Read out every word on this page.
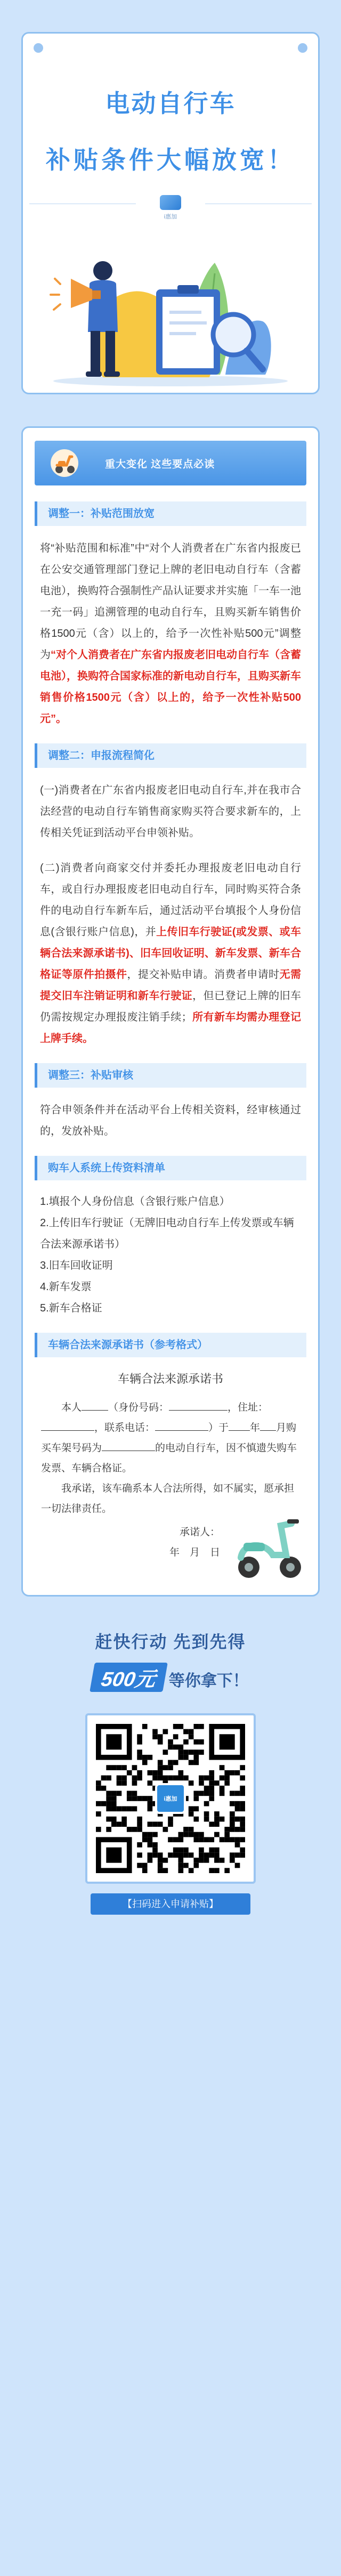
电动自行车
补贴条件大幅放宽！
i惠加
重大变化 这些要点必读
调整一：补贴范围放宽
将“补贴范围和标准”中“对个人消费者在广东省内报废已在公安交通管理部门登记上牌的老旧电动自行车（含蓄电池），换购符合强制性产品认证要求并实施「一车一池一充一码」追溯管理的电动自行车，且购买新车销售价格1500元（含）以上的，给予一次性补贴500元”调整为“对个人消费者在广东省内报废老旧电动自行车（含蓄电池），换购符合国家标准的新电动自行车，且购买新车销售价格1500元（含）以上的，给予一次性补贴500元”。
调整二：申报流程简化
(一)消费者在广东省内报废老旧电动自行车,并在我市合法经营的电动自行车销售商家购买符合要求新车的，上传相关凭证到活动平台申领补贴。
(二)消费者向商家交付并委托办理报废老旧电动自行车，或自行办理报废老旧电动自行车，同时购买符合条件的电动自行车新车后，通过活动平台填报个人身份信息(含银行账户信息)，并上传旧车行驶证(或发票、或车辆合法来源承诺书)、旧车回收证明、新车发票、新车合格证等原件拍摄件，提交补贴申请。消费者申请时无需提交旧车注销证明和新车行驶证，但已登记上牌的旧车仍需按规定办理报废注销手续；所有新车均需办理登记上牌手续。
调整三：补贴审核
符合申领条件并在活动平台上传相关资料，经审核通过的，发放补贴。
购车人系统上传资料清单
1.填报个人身份信息（含银行账户信息）
2.上传旧车行驶证（无牌旧电动自行车上传发票或车辆合法来源承诺书）
3.旧车回收证明
4.新车发票
5.新车合格证
车辆合法来源承诺书（参考格式）
车辆合法来源承诺书
　　本人	（身份号码：	，住址：，联系电话：	）于 年 月购买车架号码为	的电动自行车，因不慎遗失购车发票、车辆合格证。
　　我承诺，该车确系本人合法所得，如不属实，愿承担一切法律责任。
承诺人：
年　月　日
赶快行动 先到先得
500元 等你拿下！
i惠加
【扫码进入申请补贴】
